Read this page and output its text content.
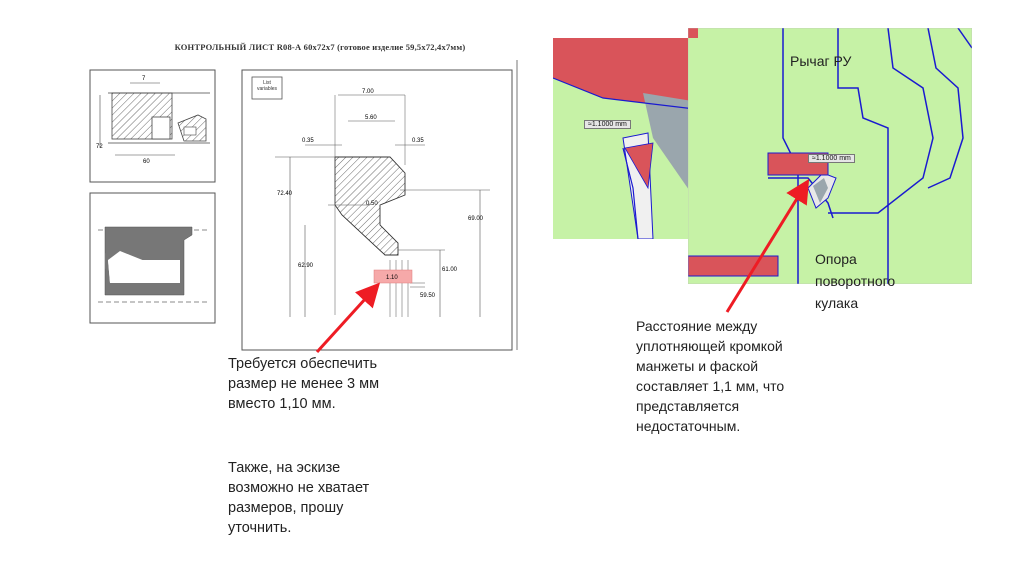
КОНТРОЛЬНЫЙ ЛИСТ R08-А 60х72х7 (готовое изделие 59,5х72,4х7мм)
7
72
60
7.00
5.60
0.35	0.35
72.40
0.50
69.00
62.90
1.10
61.00
59.50
List variables
≈1.1000 mm
≈1.1000 mm
Рычаг РУ
Опора
поворотного
кулака
Требуется обеспечить
размер не менее 3 мм
вместо 1,10 мм.
Также, на эскизе
возможно не хватает
размеров, прошу
уточнить.
Расстояние между
уплотняющей кромкой
манжеты и фаской
составляет 1,1 мм, что
представляется
недостаточным.
